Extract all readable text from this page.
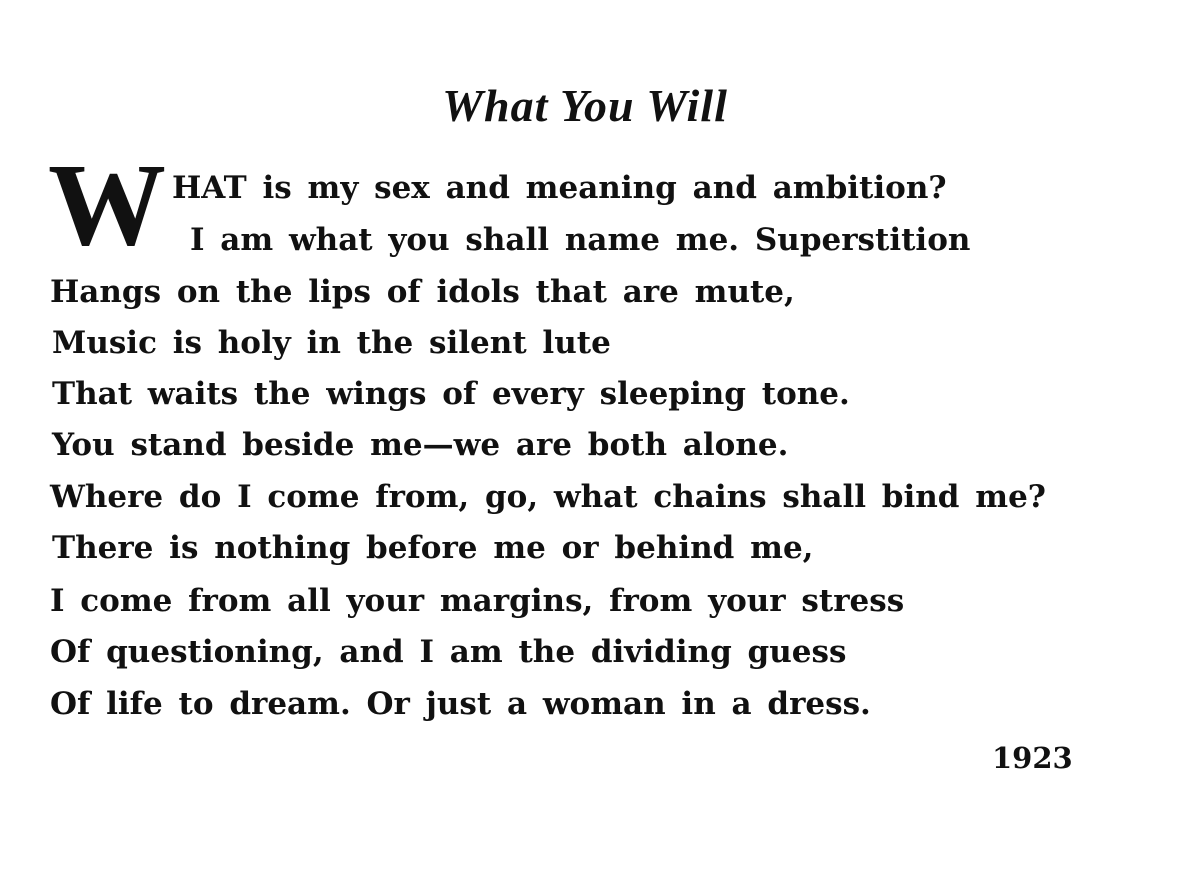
What You Will
W HAT is my sex and meaning and ambition?
I am what you shall name me. Superstition
Hangs on the lips of idols that are mute,
Music is holy in the silent lute
That waits the wings of every sleeping tone.
You stand beside me—we are both alone.
Where do I come from, go, what chains shall bind me?
There is nothing before me or behind me,
I come from all your margins, from your stress
Of questioning, and I am the dividing guess
Of life to dream. Or just a woman in a dress.
1923
